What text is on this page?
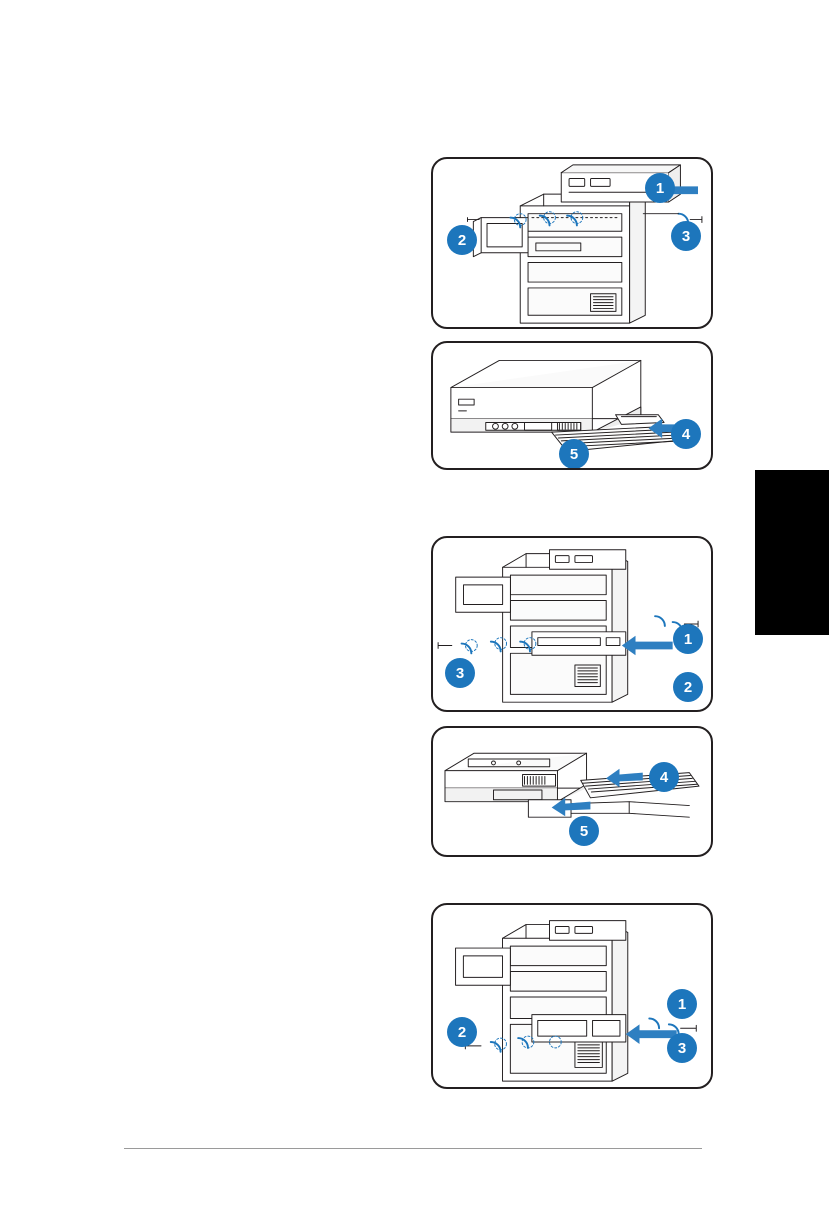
1
2	3
4
5
1
2
3
4
5
1
2
3
